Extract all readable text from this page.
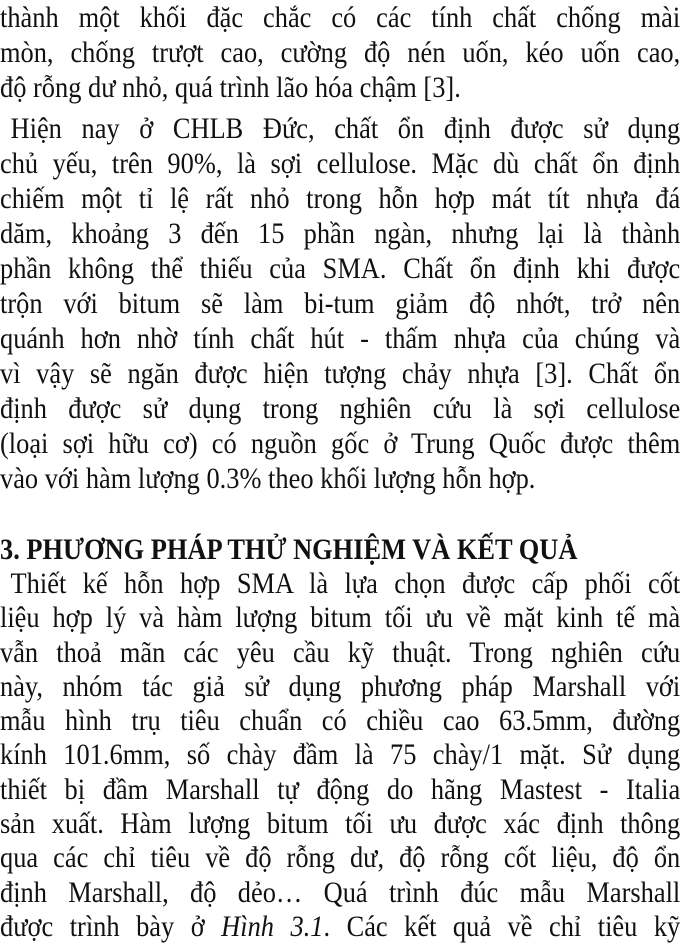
thành một khối đặc chắc có các tính chất chống mài
mòn, chống trượt cao, cường độ nén uốn, kéo uốn cao,
độ rỗng dư nhỏ, quá trình lão hóa chậm [3].
Hiện nay ở CHLB Đức, chất ổn định được sử dụng
chủ yếu, trên 90%, là sợi cellulose. Mặc dù chất ổn định
chiếm một tỉ lệ rất nhỏ trong hỗn hợp mát tít nhựa đá
dăm, khoảng 3 đến 15 phần ngàn, nhưng lại là thành
phần không thể thiếu của SMA. Chất ổn định khi được
trộn với bitum sẽ làm bi-tum giảm độ nhớt, trở nên
quánh hơn nhờ tính chất hút - thấm nhựa của chúng và
vì vậy sẽ ngăn được hiện tượng chảy nhựa [3]. Chất ổn
định được sử dụng trong nghiên cứu là sợi cellulose
(loại sợi hữu cơ) có nguồn gốc ở Trung Quốc được thêm
vào với hàm lượng 0.3% theo khối lượng hỗn hợp.
3. PHƯƠNG PHÁP THỬ NGHIỆM VÀ KẾT QUẢ
Thiết kế hỗn hợp SMA là lựa chọn được cấp phối cốt
liệu hợp lý và hàm lượng bitum tối ưu về mặt kinh tế mà
vẫn thoả mãn các yêu cầu kỹ thuật. Trong nghiên cứu
này, nhóm tác giả sử dụng phương pháp Marshall với
mẫu hình trụ tiêu chuẩn có chiều cao 63.5mm, đường
kính 101.6mm, số chày đầm là 75 chày/1 mặt. Sử dụng
thiết bị đầm Marshall tự động do hãng Mastest - Italia
sản xuất. Hàm lượng bitum tối ưu được xác định thông
qua các chỉ tiêu về độ rỗng dư, độ rỗng cốt liệu, độ ổn
định Marshall, độ dẻo… Quá trình đúc mẫu Marshall
được trình bày ở Hình 3.1. Các kết quả về chỉ tiêu kỹ
